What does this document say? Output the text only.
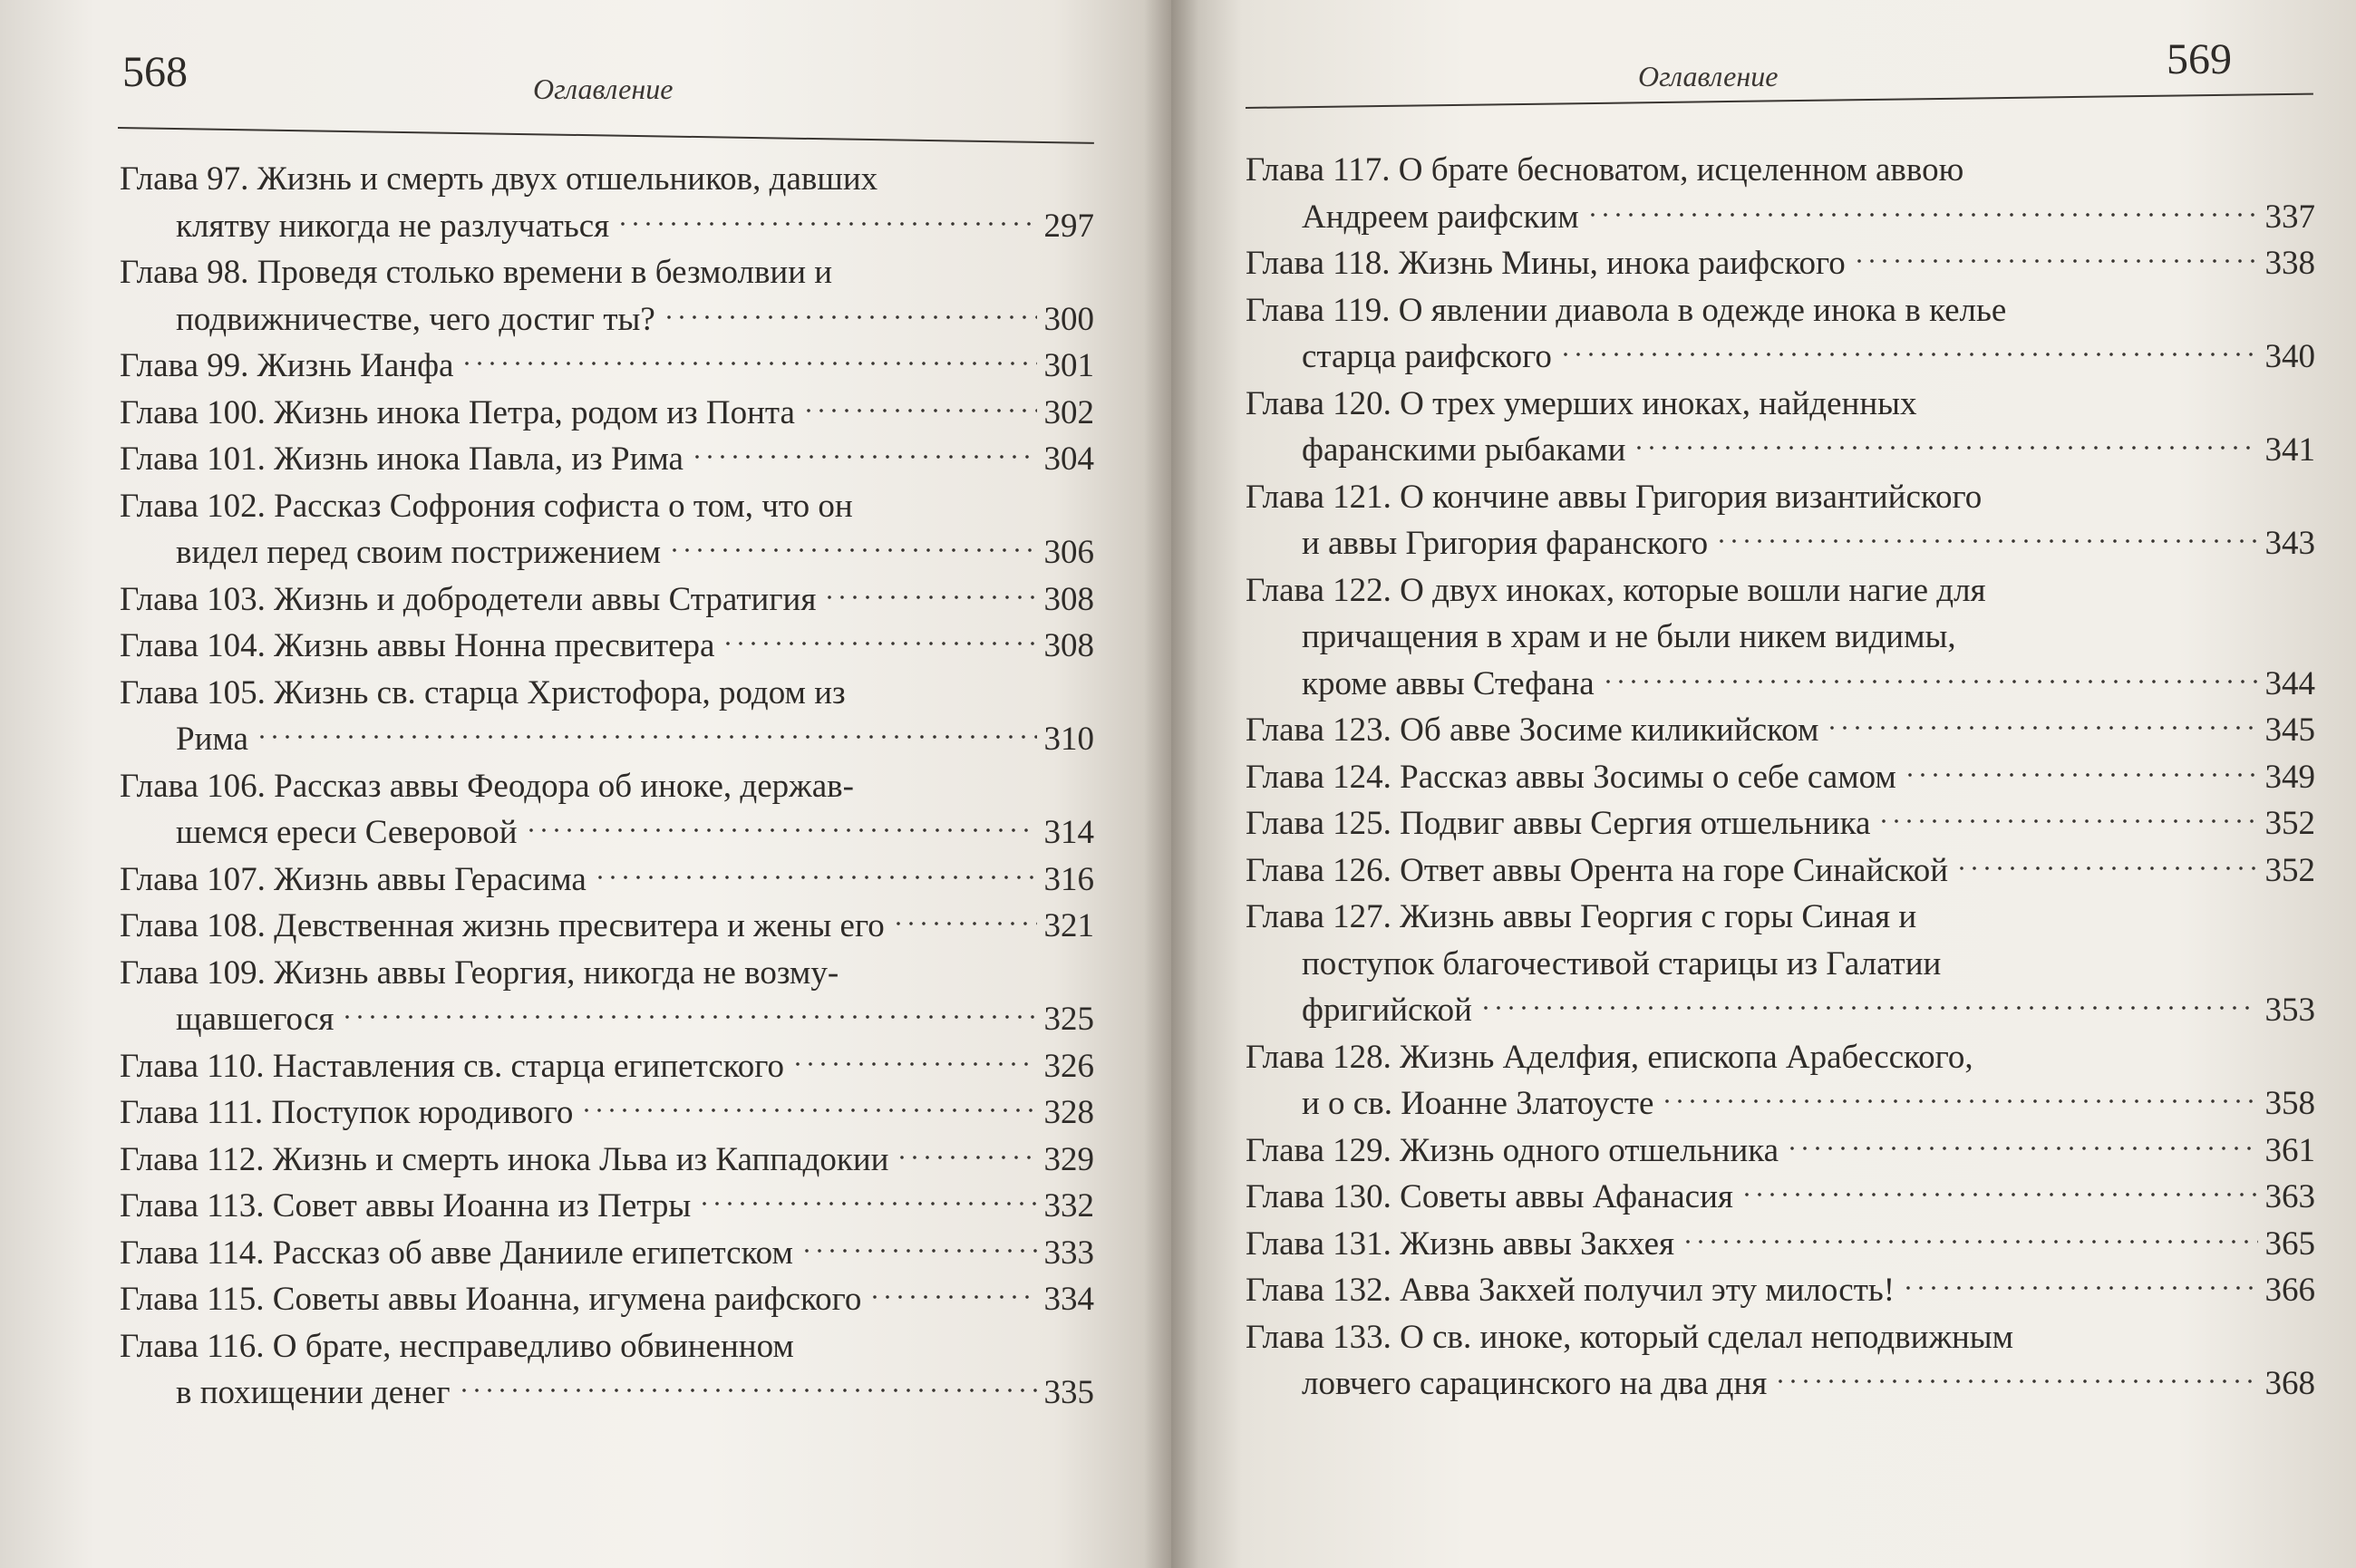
568	Оглавление
Глава 97. Жизнь и смерть двух отшельников, давших
клятву никогда не разлучаться	297
Глава 98. Проведя столько времени в безмолвии и
подвижничестве, чего достиг ты?	300
Глава 99. Жизнь Ианфа	301
Глава 100. Жизнь инока Петра, родом из Понта	302
Глава 101. Жизнь инока Павла, из Рима	304
Глава 102. Рассказ Софрония софиста о том, что он
видел перед своим пострижением	306
Глава 103. Жизнь и добродетели аввы Стратигия	308
Глава 104. Жизнь аввы Нонна пресвитера	308
Глава 105. Жизнь св. старца Христофора, родом из
Рима	310
Глава 106. Рассказ аввы Феодора об иноке, держав-
шемся ереси Северовой	314
Глава 107. Жизнь аввы Герасима	316
Глава 108. Девственная жизнь пресвитера и жены его	321
Глава 109. Жизнь аввы Георгия, никогда не возму-
щавшегося	325
Глава 110. Наставления св. старца египетского	326
Глава 111. Поступок юродивого	328
Глава 112. Жизнь и смерть инока Льва из Каппадокии	329
Глава 113. Совет аввы Иоанна из Петры	332
Глава 114. Рассказ об авве Данииле египетском	333
Глава 115. Советы аввы Иоанна, игумена раифского	334
Глава 116. О брате, несправедливо обвиненном
в похищении денег	335
Оглавление	569
Глава 117. О брате бесноватом, исцеленном аввою
Андреем раифским	337
Глава 118. Жизнь Мины, инока раифского	338
Глава 119. О явлении диавола в одежде инока в келье
старца раифского	340
Глава 120. О трех умерших иноках, найденных
фаранскими рыбаками	341
Глава 121. О кончине аввы Григория византийского
и аввы Григория фаранского	343
Глава 122. О двух иноках, которые вошли нагие для
причащения в храм и не были никем видимы,
кроме аввы Стефана	344
Глава 123. Об авве Зосиме киликийском	345
Глава 124. Рассказ аввы Зосимы о себе самом	349
Глава 125. Подвиг аввы Сергия отшельника	352
Глава 126. Ответ аввы Орента на горе Синайской	352
Глава 127. Жизнь аввы Георгия с горы Синая и
поступок благочестивой старицы из Галатии
фригийской	353
Глава 128. Жизнь Аделфия, епископа Арабесского,
и о св. Иоанне Златоусте	358
Глава 129. Жизнь одного отшельника	361
Глава 130. Советы аввы Афанасия	363
Глава 131. Жизнь аввы Закхея	365
Глава 132. Авва Закхей получил эту милость!	366
Глава 133. О св. иноке, который сделал неподвижным
ловчего сарацинского на два дня	368
